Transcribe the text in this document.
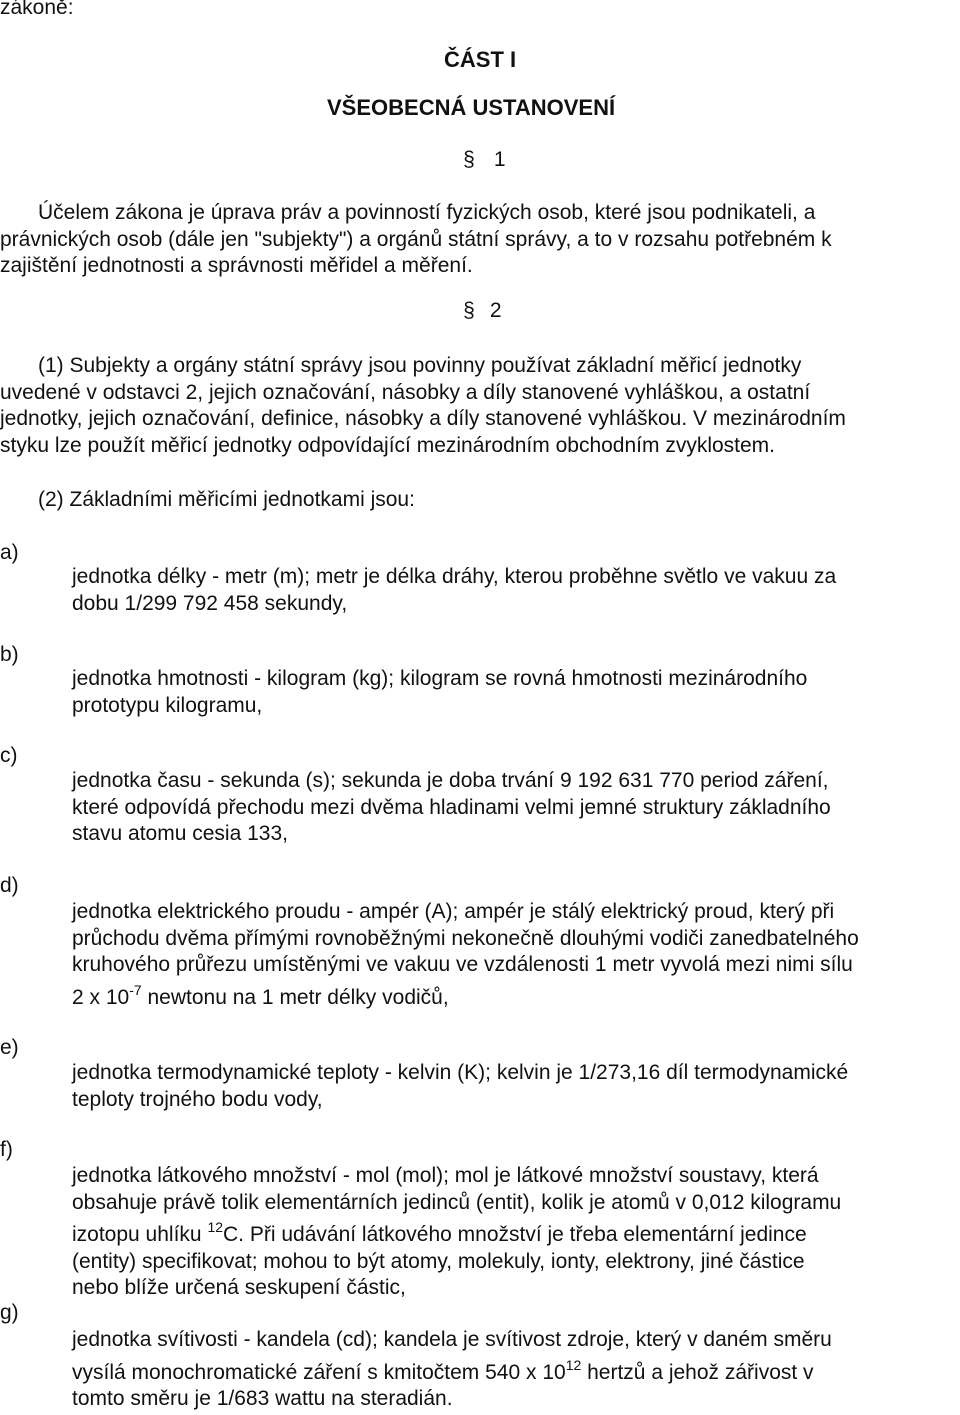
zákoně:
ČÁST I
VŠEOBECNÁ USTANOVENÍ
§ 1
Účelem zákona je úprava práv a povinností fyzických osob, které jsou podnikateli, a
právnických osob (dále jen "subjekty") a orgánů státní správy, a to v rozsahu potřebném k
zajištění jednotnosti a správnosti měřidel a měření.
§ 2
(1) Subjekty a orgány státní správy jsou povinny používat základní měřicí jednotky
uvedené v odstavci 2, jejich označování, násobky a díly stanovené vyhláškou, a ostatní
jednotky, jejich označování, definice, násobky a díly stanovené vyhláškou. V mezinárodním
styku lze použít měřicí jednotky odpovídající mezinárodním obchodním zvyklostem.
(2) Základními měřicími jednotkami jsou:
a)
jednotka délky - metr (m); metr je délka dráhy, kterou proběhne světlo ve vakuu za
dobu 1/299 792 458 sekundy,
b)
jednotka hmotnosti - kilogram (kg); kilogram se rovná hmotnosti mezinárodního
prototypu kilogramu,
c)
jednotka času - sekunda (s); sekunda je doba trvání 9 192 631 770 period záření,
které odpovídá přechodu mezi dvěma hladinami velmi jemné struktury základního
stavu atomu cesia 133,
d)
jednotka elektrického proudu - ampér (A); ampér je stálý elektrický proud, který při
průchodu dvěma přímými rovnoběžnými nekonečně dlouhými vodiči zanedbatelného
kruhového průřezu umístěnými ve vakuu ve vzdálenosti 1 metr vyvolá mezi nimi sílu
2 x $10^{-7}$ newtonu na 1 metr délky vodičů,
e)
jednotka termodynamické teploty - kelvin (K); kelvin je 1/273,16 díl termodynamické
teploty trojného bodu vody,
f)
jednotka látkového množství - mol (mol); mol je látkové množství soustavy, která
obsahuje právě tolik elementárních jedinců (entit), kolik je atomů v 0,012 kilogramu
izotopu uhlíku $^{12}$C. Při udávání látkového množství je třeba elementární jedince
(entity) specifikovat; mohou to být atomy, molekuly, ionty, elektrony, jiné částice
nebo blíže určená seskupení částic,
g)
jednotka svítivosti - kandela (cd); kandela je svítivost zdroje, který v daném směru
vysílá monochromatické záření s kmitočtem 540 x $10^{12}$ hertzů a jehož zářivost v
tomto směru je 1/683 wattu na steradián.
